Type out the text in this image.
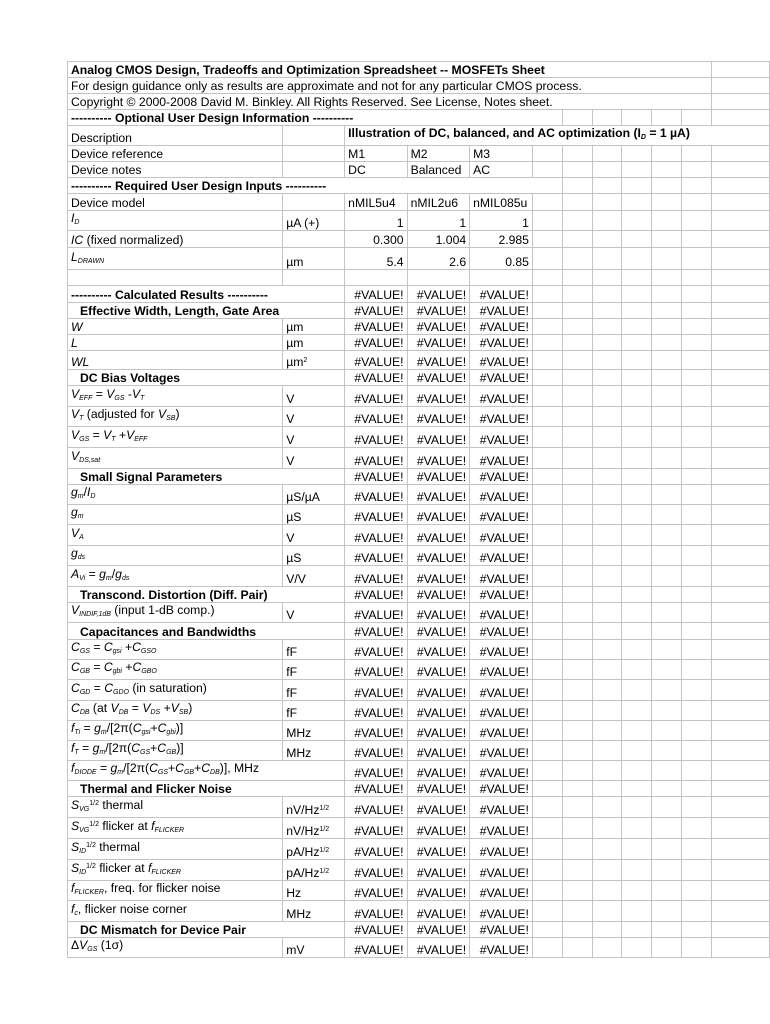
Analog CMOS Design, Tradeoffs and Optimization Spreadsheet -- MOSFETs Sheet											
For design guidance only as results are approximate and not for any particular CMOS process.											
Copyright © 2000-2008 David M. Binkley. All Rights Reserved. See License, Notes sheet.											
---------- Optional User Design Information ----------											
Description		Illustration of DC, balanced, and AC optimization ($I_D = 1$ µA)									
Device reference		M1	M2	M3							
Device notes		DC	Balanced	AC							
---------- Required User Design Inputs ----------											
Device model		nMIL5u4	nMIL2u6	nMIL085u							
$I_D$	µA (+)	1	1	1							
IC (fixed normalized)		0.300	1.004	2.985							
$L_{DRAWN}$	µm	5.4	2.6	0.85							

---------- Calculated Results ----------		#VALUE!	#VALUE!	#VALUE!							
Effective Width, Length, Gate Area		#VALUE!	#VALUE!	#VALUE!							
W	µm	#VALUE!	#VALUE!	#VALUE!							
L	µm	#VALUE!	#VALUE!	#VALUE!							
WL	µm$^2$	#VALUE!	#VALUE!	#VALUE!							
DC Bias Voltages		#VALUE!	#VALUE!	#VALUE!							
$V_{EFF} = V_{GS}$ $-V_T$	V	#VALUE!	#VALUE!	#VALUE!							
$V_T$ (adjusted for $V_{SB}$)	V	#VALUE!	#VALUE!	#VALUE!							
$V_{GS} = V_T +V_{EFF}$	V	#VALUE!	#VALUE!	#VALUE!							
$V_{DS,sat}$	V	#VALUE!	#VALUE!	#VALUE!							
Small Signal Parameters		#VALUE!	#VALUE!	#VALUE!							
$g_m/I_D$	µS/µA	#VALUE!	#VALUE!	#VALUE!							
$g_m$	µS	#VALUE!	#VALUE!	#VALUE!							
$V_A$	V	#VALUE!	#VALUE!	#VALUE!							
$g_{ds}$	µS	#VALUE!	#VALUE!	#VALUE!							
$A_{Vi} = g_m/g_{ds}$	V/V	#VALUE!	#VALUE!	#VALUE!							
Transcond. Distortion (Diff. Pair)		#VALUE!	#VALUE!	#VALUE!							
$V_{INDIF,1dB}$ (input 1-dB comp.)	V	#VALUE!	#VALUE!	#VALUE!							
Capacitances and Bandwidths		#VALUE!	#VALUE!	#VALUE!							
$C_{GS} = C_{gsi} +C_{GSO}$	fF	#VALUE!	#VALUE!	#VALUE!							
$C_{GB} = C_{gbi} +C_{GBO}$	fF	#VALUE!	#VALUE!	#VALUE!							
$C_{GD} = C_{GDO}$ (in saturation)	fF	#VALUE!	#VALUE!	#VALUE!							
$C_{DB}$ (at $V_{DB} = V_{DS} +V_{SB}$)	fF	#VALUE!	#VALUE!	#VALUE!							
$f_{Ti} = g_m/[2\pi(C_{gsi}+C_{gbi})]$	MHz	#VALUE!	#VALUE!	#VALUE!							
$f_T = g_m/[2\pi(C_{GS}+C_{GB})]$	MHz	#VALUE!	#VALUE!	#VALUE!							
$f_{DIODE} = g_m/[2\pi(C_{GS}+C_{GB}+C_{DB})]$, MHz		#VALUE!	#VALUE!	#VALUE!							
Thermal and Flicker Noise		#VALUE!	#VALUE!	#VALUE!							
$S_{VG}^{1/2}$ thermal	$nV/Hz^{1/2}$	#VALUE!	#VALUE!	#VALUE!							
$S_{VG}^{1/2}$ flicker at $f_{FLICKER}$	$nV/Hz^{1/2}$	#VALUE!	#VALUE!	#VALUE!							
$S_{ID}^{1/2}$ thermal	$pA/Hz^{1/2}$	#VALUE!	#VALUE!	#VALUE!							
$S_{ID}^{1/2}$ flicker at $f_{FLICKER}$	$pA/Hz^{1/2}$	#VALUE!	#VALUE!	#VALUE!							
$f_{FLICKER}$, freq. for flicker noise	Hz	#VALUE!	#VALUE!	#VALUE!							
$f_c$, flicker noise corner	MHz	#VALUE!	#VALUE!	#VALUE!							
DC Mismatch for Device Pair		#VALUE!	#VALUE!	#VALUE!							
$\Delta V_{GS}$ (1σ)	mV	#VALUE!	#VALUE!	#VALUE!							
